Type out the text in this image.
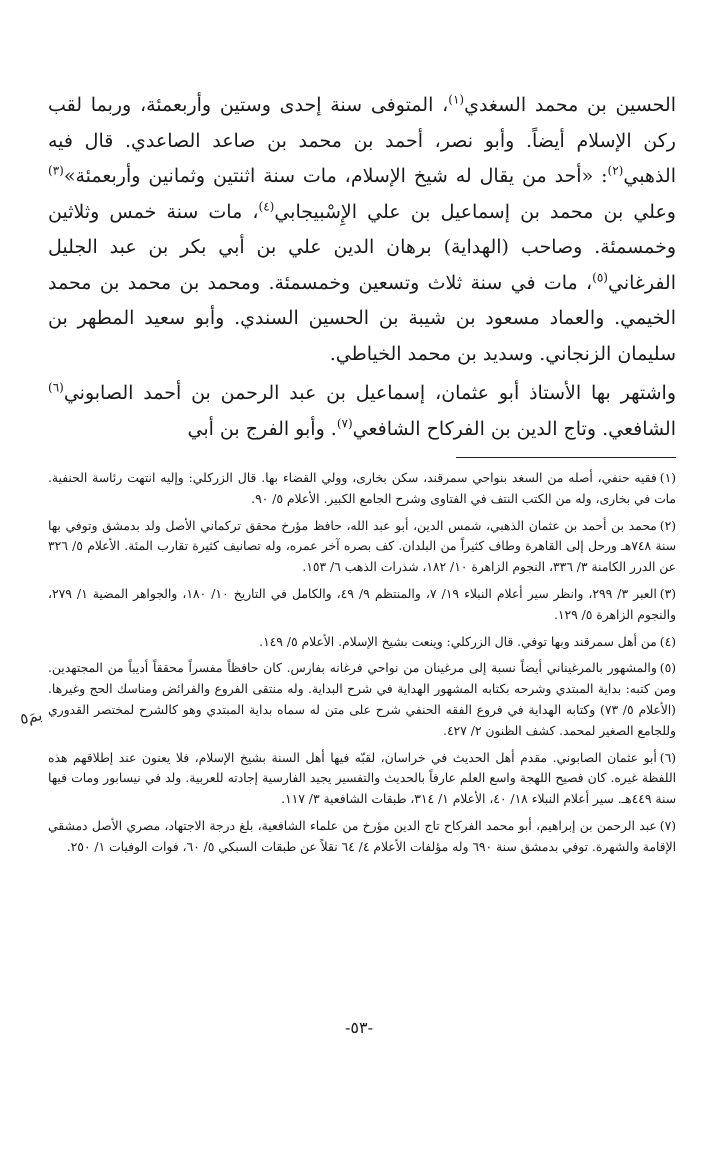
الحسين بن محمد السغدي$^{(١)}$، المتوفى سنة إحدى وستين وأربعمئة، وربما لقب ركن الإسلام أيضاً. وأبو نصر، أحمد بن محمد بن صاعد الصاعدي. قال فيه الذهبي$^{(٢)}$: «أحد من يقال له شيخ الإسلام، مات سنة اثنتين وثمانين وأربعمئة»$^{(٣)}$ وعلي بن محمد بن إسماعيل بن علي الإِسْبيجابي$^{(٤)}$، مات سنة خمس وثلاثين وخمسمئة. وصاحب (الهداية) برهان الدين علي بن أبي بكر بن عبد الجليل الفرغاني$^{(٥)}$، مات في سنة ثلاث وتسعين وخمسمئة. ومحمد بن محمد بن محمد الخيمي. والعماد مسعود بن شيبة بن الحسين السندي. وأبو سعيد المطهر بن سليمان الزنجاني. وسديد بن محمد الخياطي.

واشتهر بها الأستاذ أبو عثمان، إسماعيل بن عبد الرحمن بن أحمد الصابوني$^{(٦)}$ الشافعي. وتاج الدين بن الفركاح الشافعي$^{(٧)}$. وأبو الفرج بن أبي

(١)فقيه حنفي، أصله من السغد بنواحي سمرقند، سكن بخارى، وولي القضاء بها. قال الزركلي: وإليه انتهت رئاسة الحنفية. مات في بخارى، وله من الكتب النتف في الفتاوى وشرح الجامع الكبير. الأعلام ٥/ ٩٠.

(٢)محمد بن أحمد بن عثمان الذهبي، شمس الدين، أبو عبد الله، حافظ مؤرخ محقق تركماني الأصل ولد بدمشق وتوفي بها سنة ٧٤٨هـ ورحل إلى القاهرة وطاف كثيراً من البلدان. كف بصره آخر عمره، وله تصانيف كثيرة تقارب المئة. الأعلام ٥/ ٣٢٦ عن الدرر الكامنة ٣/ ٣٣٦، النجوم الزاهرة ١٠/ ١٨٢، شذرات الذهب ٦/ ١٥٣.

(٣)العبر ٣/ ٢٩٩، وانظر سير أعلام النبلاء ١٩/ ٧، والمنتظم ٩/ ٤٩، والكامل في التاريخ ١٠/ ١٨٠، والجواهر المضية ١/ ٢٧٩، والنجوم الزاهرة ٥/ ١٢٩.

(٤)من أهل سمرقند وبها توفي. قال الزركلي: وينعت بشيخ الإسلام. الأعلام ٥/ ١٤٩.

(٥)والمشهور بالمرغيناني أيضاً نسبة إلى مرغينان من نواحي فرغانه بفارس. كان حافظاً مفسراً محققاً أديباً من المجتهدين. ومن كتبه: بداية المبتدي وشرحه بكتابه المشهور الهداية في شرح البداية. وله منتقى الفروع والفرائض ومناسك الحج وغيرها. (الأعلام ٥/ ٧٣) وكتابه الهداية في فروع الفقه الحنفي شرح على متن له سماه بداية المبتدي وهو كالشرح لمختصر القدوري وللجامع الصغير لمحمد. كشف الظنون ٢/ ٤٢٧.

(٦)أبو عثمان الصابوني. مقدم أهل الحديث في خراسان، لقبّه فيها أهل السنة بشيخ الإسلام، فلا يعنون عند إطلاقهم هذه اللفظة غيره. كان فصيح اللهجة واسع العلم عارفاً بالحديث والتفسير يجيد الفارسية إجادته للعربية. ولد في نيسابور ومات فيها سنة ٤٤٩هـ. سير أعلام النبلاء ١٨/ ٤٠، الأعلام ١/ ٣١٤، طبقات الشافعية ٣/ ١١٧.

(٧)عبد الرحمن بن إبراهيم، أبو محمد الفركاح تاج الدين مؤرخ من علماء الشافعية، بلغ درجة الاجتهاد، مصري الأصل دمشقي الإقامة والشهرة. توفي بدمشق سنة ٦٩٠ وله مؤلفات الأعلام ٤/ ٦٤ نقلاً عن طبقات السبكي ٥/ ٦٠، فوات الوفيات ١/ ٢٥٠.

بمَ٥
-٥٣-
